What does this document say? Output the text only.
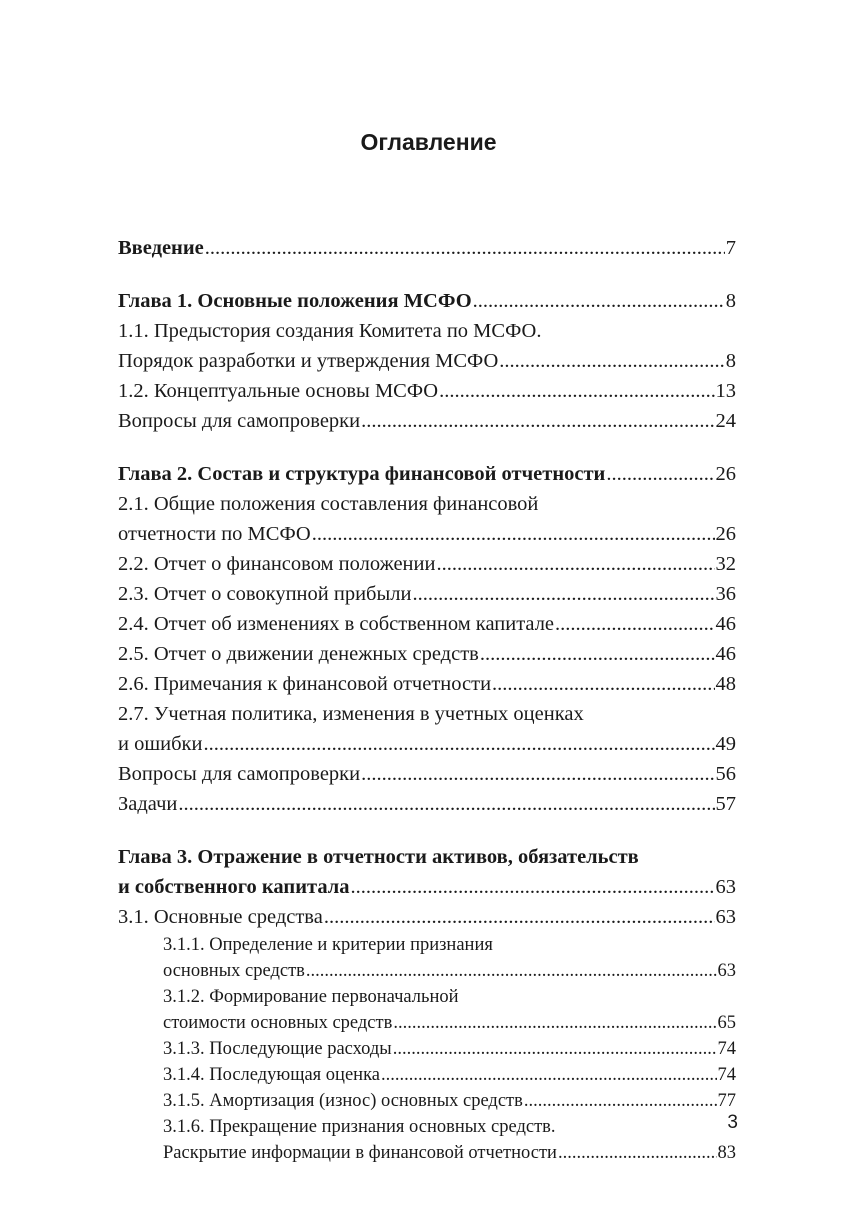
Оглавление
Введение .....	7
Глава 1. Основные положения МСФО .....	8
1.1. Предыстория создания Комитета по МСФО.
Порядок разработки и утверждения МСФО .....	8
1.2. Концептуальные основы МСФО .....	13
Вопросы для самопроверки .....	24
Глава 2. Состав и структура финансовой отчетности .....	26
2.1. Общие положения составления финансовой
отчетности по МСФО .....	26
2.2. Отчет о финансовом положении .....	32
2.3. Отчет о совокупной прибыли .....	36
2.4. Отчет об изменениях в собственном капитале .....	46
2.5. Отчет о движении денежных средств .....	46
2.6. Примечания к финансовой отчетности .....	48
2.7. Учетная политика, изменения в учетных оценках
и ошибки .....	49
Вопросы для самопроверки .....	56
Задачи .....	57
Глава 3. Отражение в отчетности активов, обязательств
и собственного капитала .....	63
3.1. Основные средства .....	63
3.1.1. Определение и критерии признания
основных средств .....	63
3.1.2. Формирование первоначальной
стоимости основных средств .....	65
3.1.3. Последующие расходы .....	74
3.1.4. Последующая оценка .....	74
3.1.5. Амортизация (износ) основных средств .....	77
3.1.6. Прекращение признания основных средств.
Раскрытие информации в финансовой отчетности .....	83
3
